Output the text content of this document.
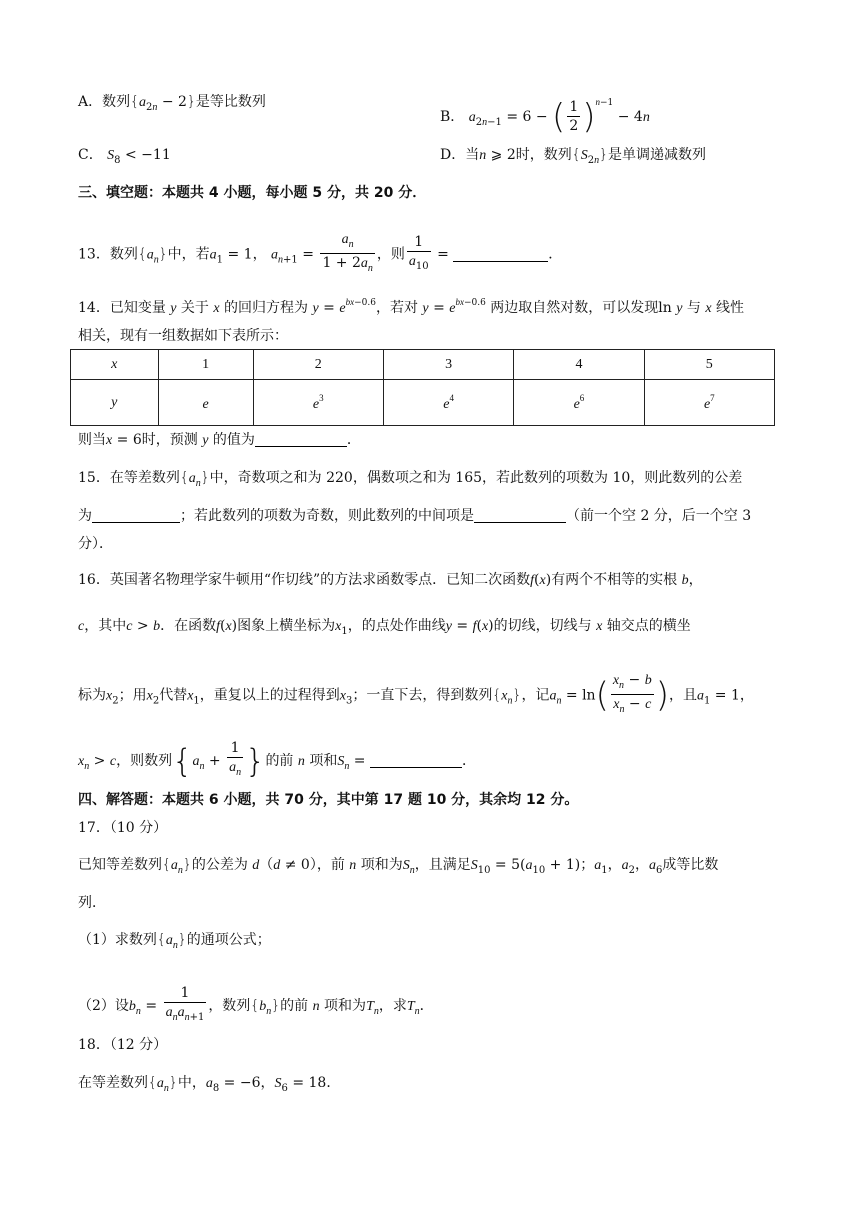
A．数列$\{a_{2n} - 2\}$是等比数列
B． $a_{2n-1} = 6$ − ( $\frac{1}{2} )^{n-1} - 4n$
C． $S_8 < -11$	D．当n ⩾ 2时，数列$\{S_{2n}\}$是单调递减数列
三、填空题：本题共 4 小题，每小题 5 分，共 20 分．
13．数列$\{a_n\}$中，若$a_1 = 1$， $a_{n+1} = \frac{a_n}{1 + 2a_n}$ ，则 $\frac{1}{a_{10}}$ =	．
14．已知变量 y 关于 x 的回归方程为 $y = e^{bx-0.6}$，若对 $y = e^{bx-0.6}$ 两边取自然对数，可以发现ln y 与 x 线性
相关，现有一组数据如下表所示：
x	1	2	3	4	5
y	e	$e^3$	$e^4$	$e^6$	$e^7$
则当x = 6时，预测 y 的值为	．
15．在等差数列$\{a_n\}$中，奇数项之和为 220，偶数项之和为 165，若此数列的项数为 10，则此数列的公差
为	；若此数列的项数为奇数，则此数列的中间项是	（前一个空 2 分，后一个空 3
分）．
16．英国著名物理学家牛顿用“作切线”的方法求函数零点．已知二次函数f(x)有两个不相等的实根 b，
c，其中c > b．在函数f(x)图象上横坐标为$x_1$，的点处作曲线y = f(x)的切线，切线与 x 轴交点的横坐
标为$x_2$；用$x_2$代替$x_1$，重复以上的过程得到$x_3$；一直下去，得到数列$\{x_n\}$，记$a_n = \ln( \frac{x_n - b}{x_n - c}$ )，且$a_1 = 1$，
$x_n > c$，则数列{$a_n + \frac{1}{a_n}$ }的前 n 项和$S_n$ =	．
四、解答题：本题共 6 小题，共 70 分，其中第 17 题 10 分，其余均 12 分。
17．（10 分）
已知等差数列$\{a_n\}$的公差为 d（d ≠ 0），前 n 项和为$S_n$，且满足$S_{10} = 5(a_{10} + 1)$；$a_1$，$a_2$，$a_6$成等比数
列．
（1）求数列$\{a_n\}$的通项公式；
（2）设$b_n = \frac{1}{a_na_{n+1}}$ ，数列$\{b_n\}$的前 n 项和为$T_n$，求$T_n$．
18．（12 分）
在等差数列$\{a_n\}$中，$a_8 = -6$，$S_6 = 18$．
